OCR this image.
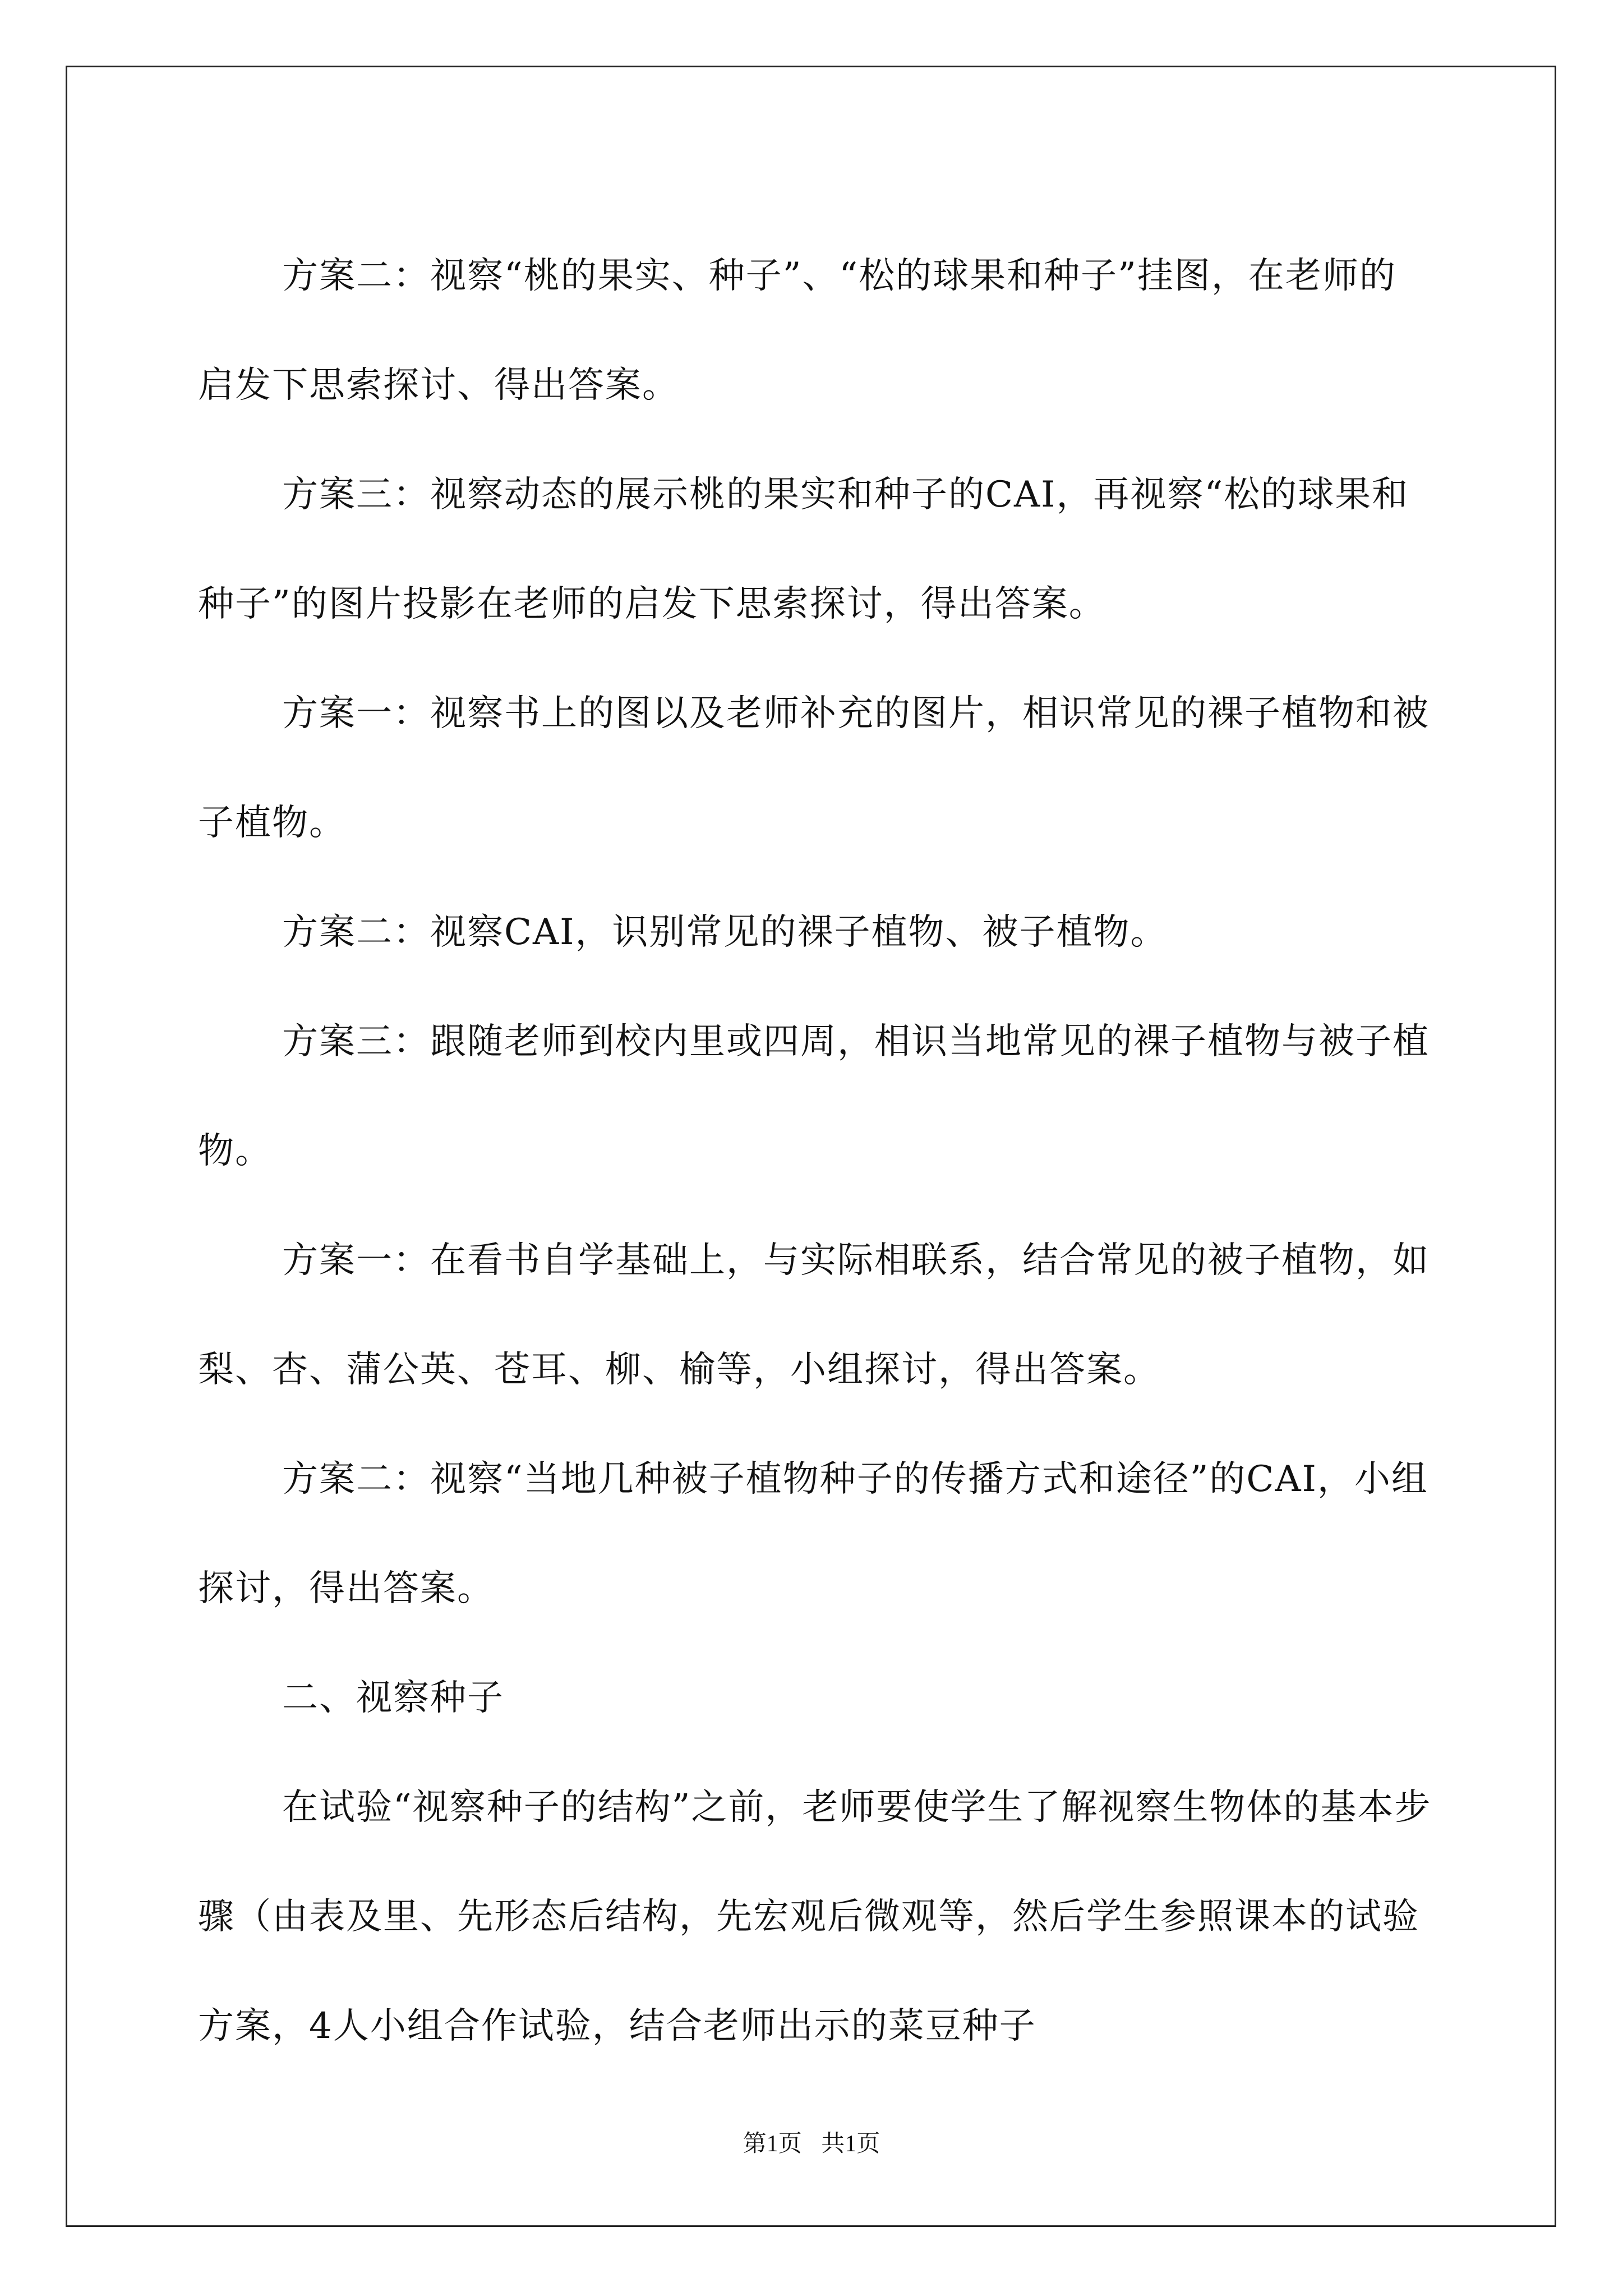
方案二：视察“桃的果实、种子”、“松的球果和种子”挂图，在老师的启发下思索探讨、得出答案。

方案三：视察动态的展示桃的果实和种子的CAI，再视察“松的球果和种子”的图片投影在老师的启发下思索探讨，得出答案。

方案一：视察书上的图以及老师补充的图片，相识常见的裸子植物和被子植物。

方案二：视察CAI，识别常见的裸子植物、被子植物。

方案三：跟随老师到校内里或四周，相识当地常见的裸子植物与被子植物。

方案一：在看书自学基础上，与实际相联系，结合常见的被子植物，如梨、杏、蒲公英、苍耳、柳、榆等，小组探讨，得出答案。

方案二：视察“当地几种被子植物种子的传播方式和途径”的CAI，小组探讨，得出答案。

二、视察种子

在试验“视察种子的结构”之前，老师要使学生了解视察生物体的基本步骤（由表及里、先形态后结构，先宏观后微观等，然后学生参照课本的试验方案，4人小组合作试验，结合老师出示的菜豆种子

第1页 共1页
